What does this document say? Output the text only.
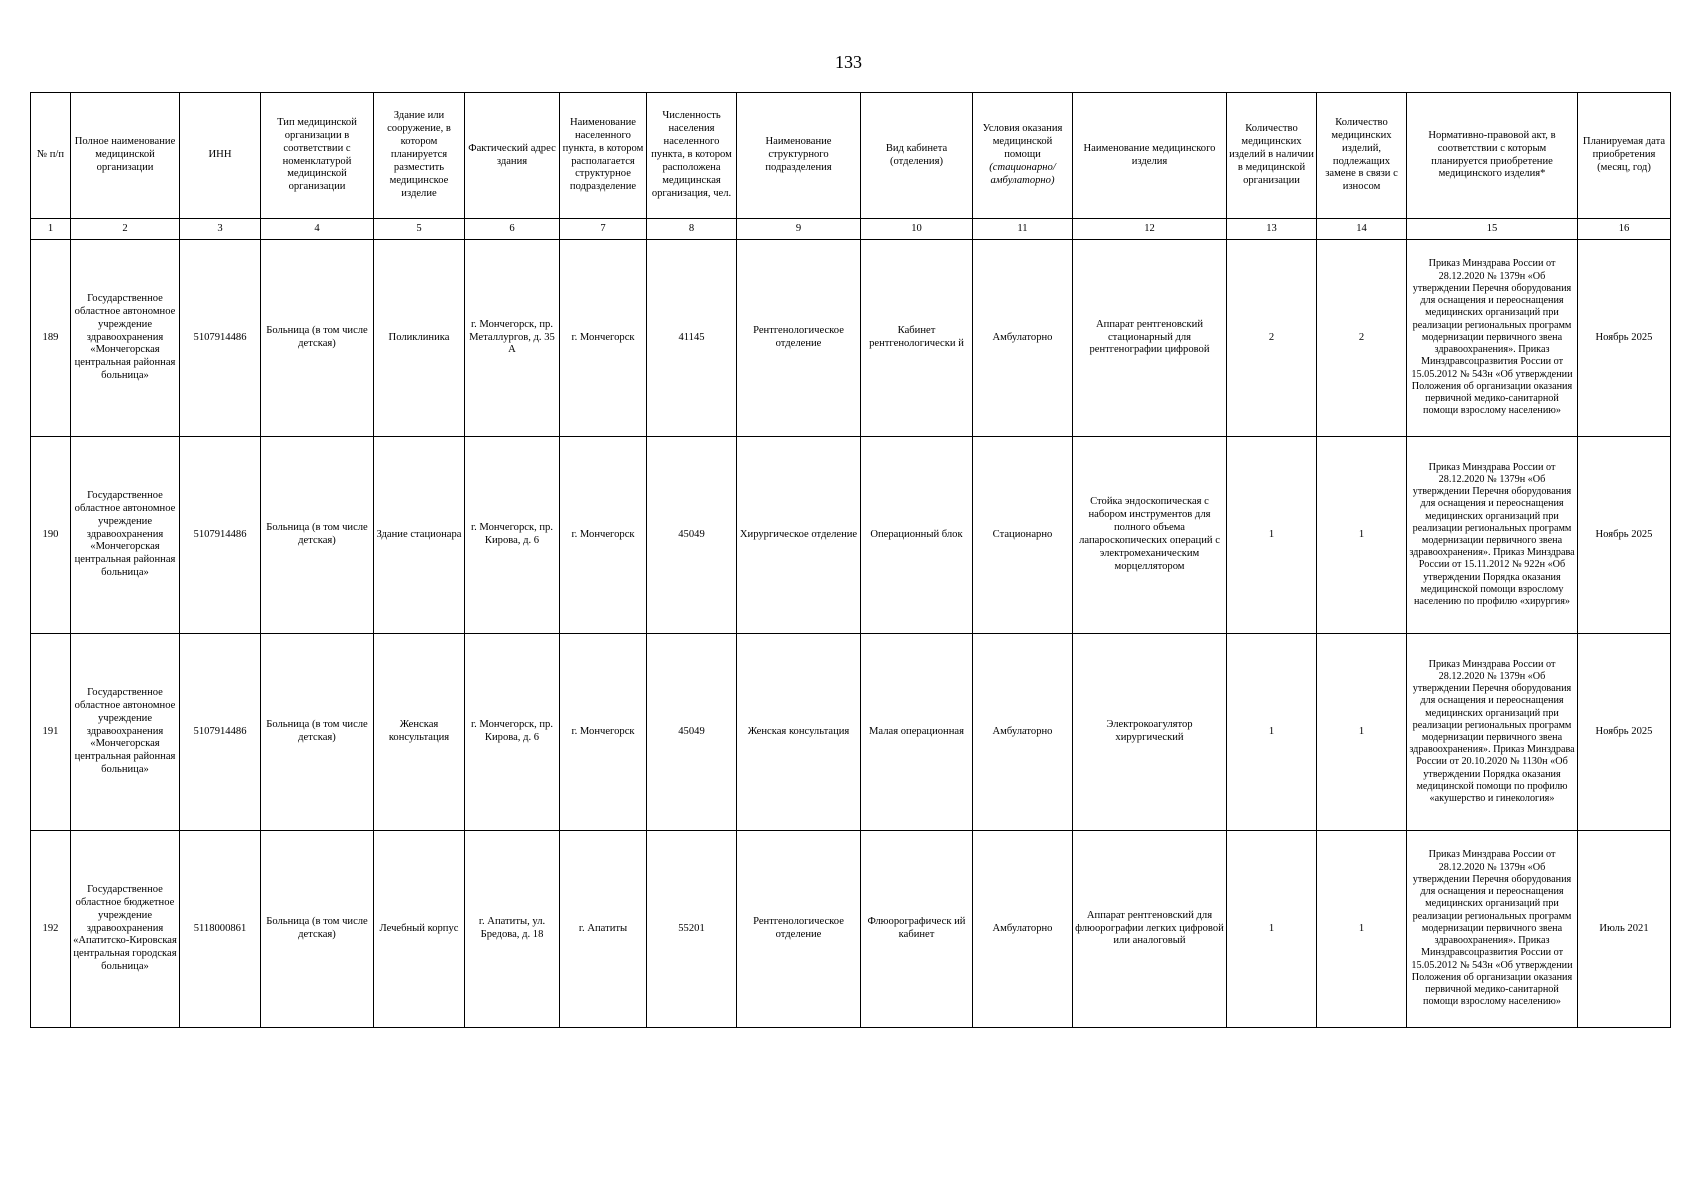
133
№ п/п	Полное наименование медицинской организации	ИНН	Тип медицинской организации в соответствии с номенклатурой медицинской организации	Здание или сооружение, в котором планируется разместить медицинское изделие	Фактический адрес здания	Наименование населенного пункта, в котором располагается структурное подразделение	Численность населения населенного пункта, в котором расположена медицинская организация, чел.	Наименование структурного подразделения	Вид кабинета (отделения)	Условия оказания медицинской помощи (стационарно/ амбулаторно)	Наименование медицинского изделия	Количество медицинских изделий в наличии в медицинской организации	Количество медицинских изделий, подлежащих замене в связи с износом	Нормативно-правовой акт, в соответствии с которым планируется приобретение медицинского изделия*	Планируемая дата приобретения (месяц, год)
1	2	3	4	5	6	7	8	9	10	11	12	13	14	15	16
189	Государственное областное автономное учреждение здравоохранения «Мончегорская центральная районная больница»	5107914486	Больница (в том числе детская)	Поликлиника	г. Мончегорск, пр. Металлургов, д. 35 А	г. Мончегорск	41145	Рентгенологическое отделение	Кабинет рентгенологически й	Амбулаторно	Аппарат рентгеновский стационарный для рентгенографии цифровой	2	2	Приказ Минздрава России от 28.12.2020 № 1379н «Об утверждении Перечня оборудования для оснащения и переоснащения медицинских организаций при реализации региональных программ модернизации первичного звена здравоохранения». Приказ Минздравсоцразвития России от 15.05.2012 № 543н «Об утверждении Положения об организации оказания первичной медико-санитарной помощи взрослому населению»	Ноябрь 2025
190	Государственное областное автономное учреждение здравоохранения «Мончегорская центральная районная больница»	5107914486	Больница (в том числе детская)	Здание стационара	г. Мончегорск, пр. Кирова, д. 6	г. Мончегорск	45049	Хирургическое отделение	Операционный блок	Стационарно	Стойка эндоскопическая с набором инструментов для полного объема лапароскопических операций с электромеханическим морцеллятором	1	1	Приказ Минздрава России от 28.12.2020 № 1379н «Об утверждении Перечня оборудования для оснащения и переоснащения медицинских организаций при реализации региональных программ модернизации первичного звена здравоохранения». Приказ Минздрава России от 15.11.2012 № 922н «Об утверждении Порядка оказания медицинской помощи взрослому населению по профилю «хирургия»	Ноябрь 2025
191	Государственное областное автономное учреждение здравоохранения «Мончегорская центральная районная больница»	5107914486	Больница (в том числе детская)	Женская консультация	г. Мончегорск, пр. Кирова, д. 6	г. Мончегорск	45049	Женская консультация	Малая операционная	Амбулаторно	Электрокоагулятор хирургический	1	1	Приказ Минздрава России от 28.12.2020 № 1379н «Об утверждении Перечня оборудования для оснащения и переоснащения медицинских организаций при реализации региональных программ модернизации первичного звена здравоохранения». Приказ Минздрава России от 20.10.2020 № 1130н «Об утверждении Порядка оказания медицинской помощи по профилю «акушерство и гинекология»	Ноябрь 2025
192	Государственное областное бюджетное учреждение здравоохранения «Апатитско-Кировская центральная городская больница»	5118000861	Больница (в том числе детская)	Лечебный корпус	г. Апатиты, ул. Бредова, д. 18	г. Апатиты	55201	Рентгенологическое отделение	Флюорографическ ий кабинет	Амбулаторно	Аппарат рентгеновский для флюорографии легких цифровой или аналоговый	1	1	Приказ Минздрава России от 28.12.2020 № 1379н «Об утверждении Перечня оборудования для оснащения и переоснащения медицинских организаций при реализации региональных программ модернизации первичного звена здравоохранения». Приказ Минздравсоцразвития России от 15.05.2012 № 543н «Об утверждении Положения об организации оказания первичной медико-санитарной помощи взрослому населению»	Июль 2021
